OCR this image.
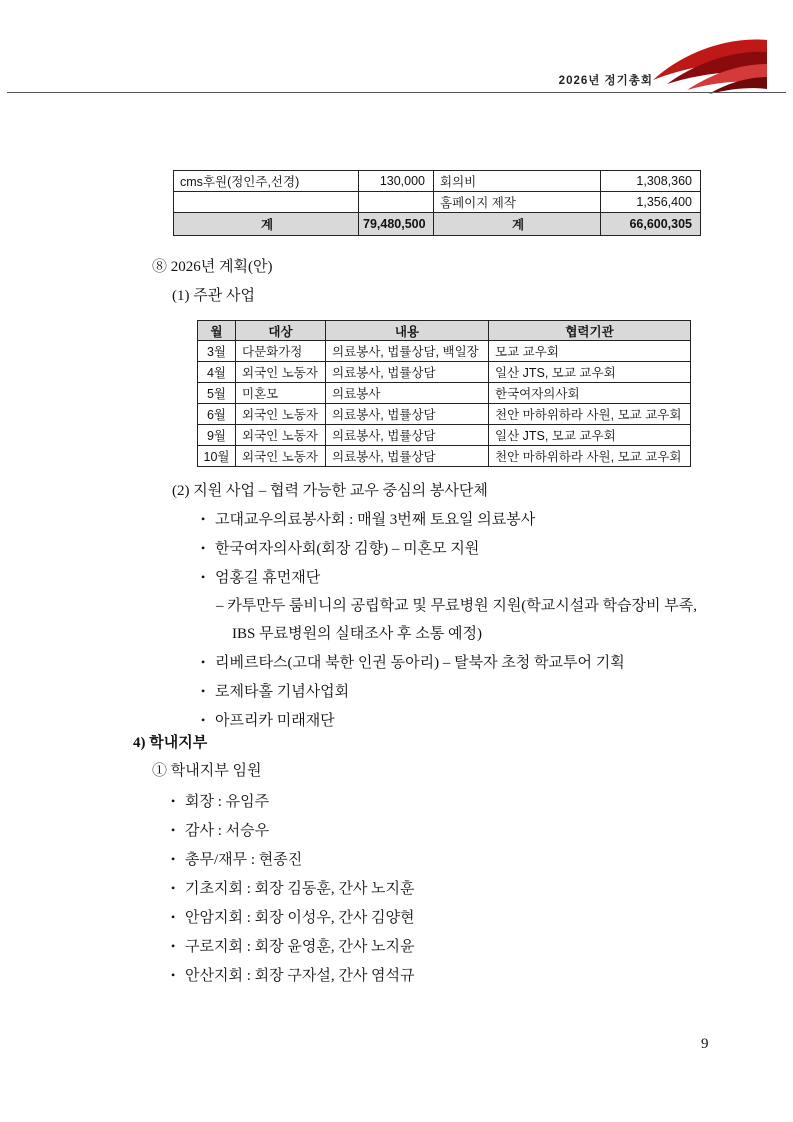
2026년 정기총회
cms후원(정인주,선경)	130,000	회의비	1,308,360
		홈페이지 제작	1,356,400
계	79,480,500	계	66,600,305
⑧ 2026년 계획(안)
(1) 주관 사업
월	대상	내용	협력기관
3월	다문화가정	의료봉사, 법률상담, 백일장	모교 교우회
4월	외국인 노동자	의료봉사, 법률상담	일산 JTS, 모교 교우회
5월	미혼모	의료봉사	한국여자의사회
6월	외국인 노동자	의료봉사, 법률상담	천안 마하위하라 사원, 모교 교우회
9월	외국인 노동자	의료봉사, 법률상담	일산 JTS, 모교 교우회
10월	외국인 노동자	의료봉사, 법률상담	천안 마하위하라 사원, 모교 교우회
(2) 지원 사업 – 협력 가능한 교우 중심의 봉사단체
• 고대교우의료봉사회 : 매월 3번째 토요일 의료봉사
• 한국여자의사회(회장 김향) – 미혼모 지원
• 엄홍길 휴먼재단
– 카투만두 룸비니의 공립학교 및 무료병원 지원(학교시설과 학습장비 부족,
IBS 무료병원의 실태조사 후 소통 예정)
• 리베르타스(고대 북한 인권 동아리) – 탈북자 초청 학교투어 기획
• 로제타홀 기념사업회
• 아프리카 미래재단
4) 학내지부
① 학내지부 임원
• 회장 : 유임주
• 감사 : 서승우
• 총무/재무 : 현종진
• 기초지회 : 회장 김동훈, 간사 노지훈
• 안암지회 : 회장 이성우, 간사 김양현
• 구로지회 : 회장 윤영훈, 간사 노지윤
• 안산지회 : 회장 구자설, 간사 염석규
9
